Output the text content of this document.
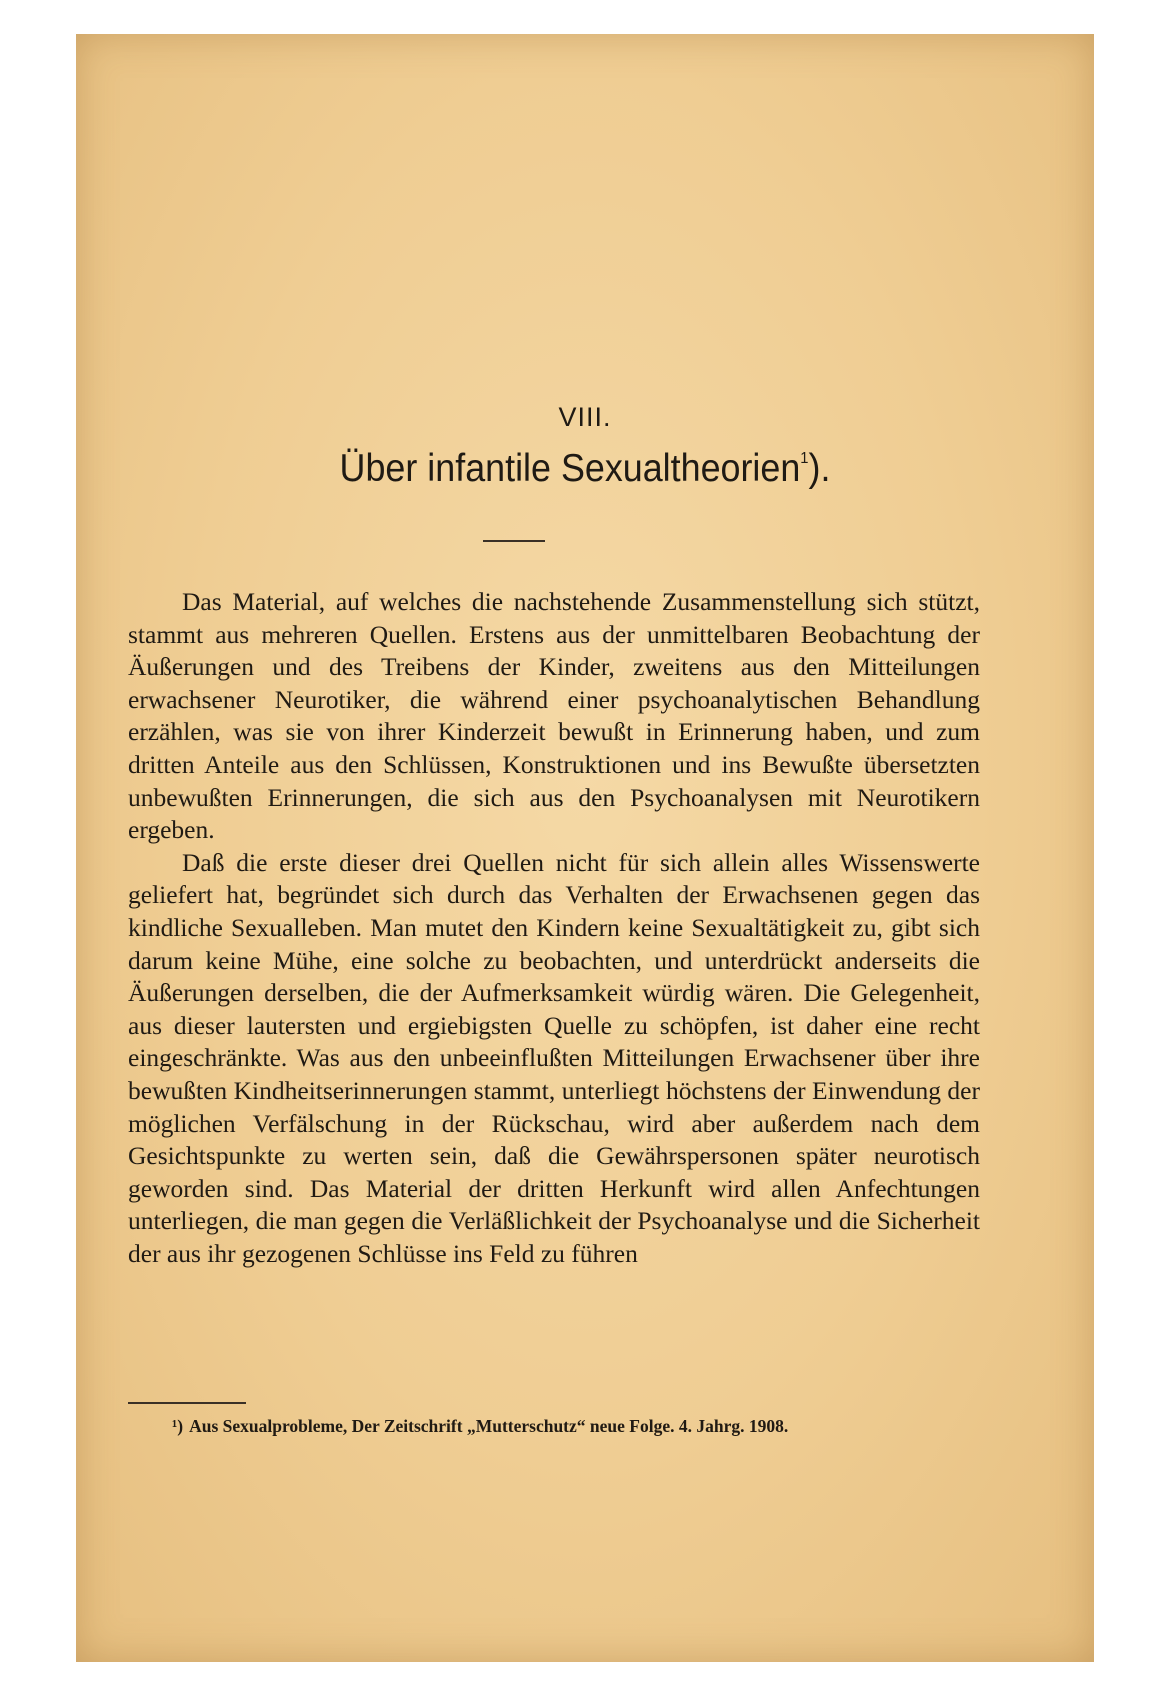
VIII.
Über infantile Sexualtheorien$^1$).

Das Material, auf welches die nachstehende Zusammenstellung sich stützt, stammt aus mehreren Quellen. Erstens aus der unmittelbaren Beobachtung der Äußerungen und des Treibens der Kinder, zweitens aus den Mitteilungen erwachsener Neurotiker, die während einer psychoanalytischen Behandlung erzählen, was sie von ihrer Kinderzeit bewußt in Erinnerung haben, und zum dritten Anteile aus den Schlüssen, Konstruktionen und ins Bewußte übersetzten unbewußten Erinnerungen, die sich aus den Psychoanalysen mit Neurotikern ergeben.

Daß die erste dieser drei Quellen nicht für sich allein alles Wissenswerte geliefert hat, begründet sich durch das Verhalten der Erwachsenen gegen das kindliche Sexualleben. Man mutet den Kindern keine Sexualtätigkeit zu, gibt sich darum keine Mühe, eine solche zu beobachten, und unterdrückt anderseits die Äußerungen derselben, die der Aufmerksamkeit würdig wären. Die Gelegenheit, aus dieser lautersten und ergiebigsten Quelle zu schöpfen, ist daher eine recht eingeschränkte. Was aus den unbeeinflußten Mitteilungen Erwachsener über ihre bewußten Kindheitserinnerungen stammt, unterliegt höchstens der Einwendung der möglichen Verfälschung in der Rückschau, wird aber außerdem nach dem Gesichtspunkte zu werten sein, daß die Gewährspersonen später neurotisch geworden sind. Das Material der dritten Herkunft wird allen Anfechtungen unterliegen, die man gegen die Verläßlichkeit der Psychoanalyse und die Sicherheit der aus ihr gezogenen Schlüsse ins Feld zu führen

¹) Aus Sexualprobleme, Der Zeitschrift „Mutterschutz“ neue Folge. 4. Jahrg. 1908.
